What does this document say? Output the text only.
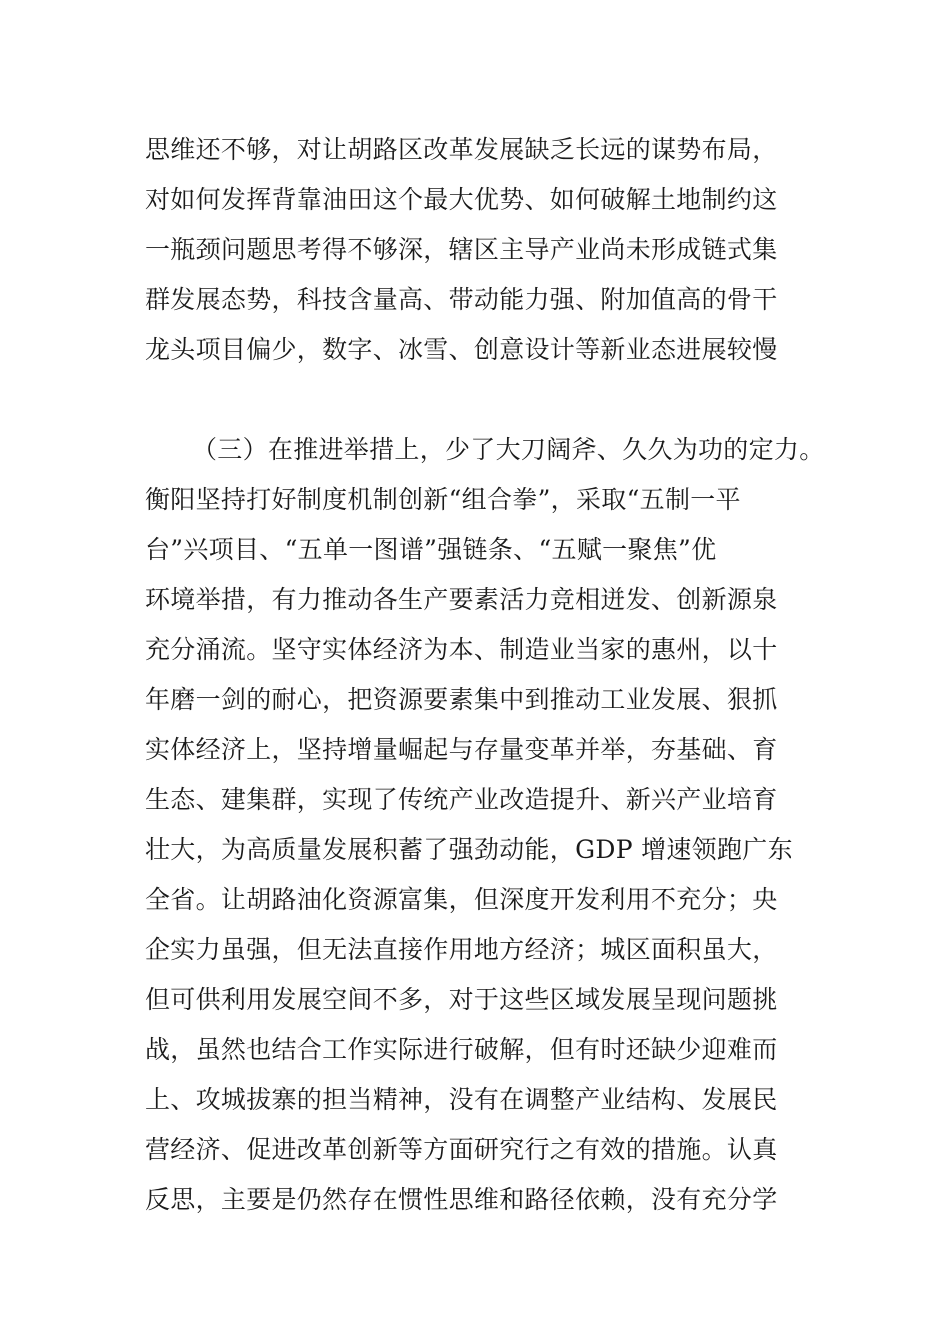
思维还不够，对让胡路区改革发展缺乏长远的谋势布局，
对如何发挥背靠油田这个最大优势、如何破解土地制约这
一瓶颈问题思考得不够深，辖区主导产业尚未形成链式集
群发展态势，科技含量高、带动能力强、附加值高的骨干
龙头项目偏少，数字、冰雪、创意设计等新业态进展较慢
（三）在推进举措上，少了大刀阔斧、久久为功的定力。
衡阳坚持打好制度机制创新“组合拳”，采取“五制一平
台”兴项目、“五单一图谱”强链条、“五赋一聚焦”优
环境举措，有力推动各生产要素活力竞相迸发、创新源泉
充分涌流。坚守实体经济为本、制造业当家的惠州，以十
年磨一剑的耐心，把资源要素集中到推动工业发展、狠抓
实体经济上，坚持增量崛起与存量变革并举，夯基础、育
生态、建集群，实现了传统产业改造提升、新兴产业培育
壮大，为高质量发展积蓄了强劲动能，GDP 增速领跑广东
全省。让胡路油化资源富集，但深度开发利用不充分；央
企实力虽强，但无法直接作用地方经济；城区面积虽大，
但可供利用发展空间不多，对于这些区域发展呈现问题挑
战，虽然也结合工作实际进行破解，但有时还缺少迎难而
上、攻城拔寨的担当精神，没有在调整产业结构、发展民
营经济、促进改革创新等方面研究行之有效的措施。认真
反思，主要是仍然存在惯性思维和路径依赖，没有充分学
